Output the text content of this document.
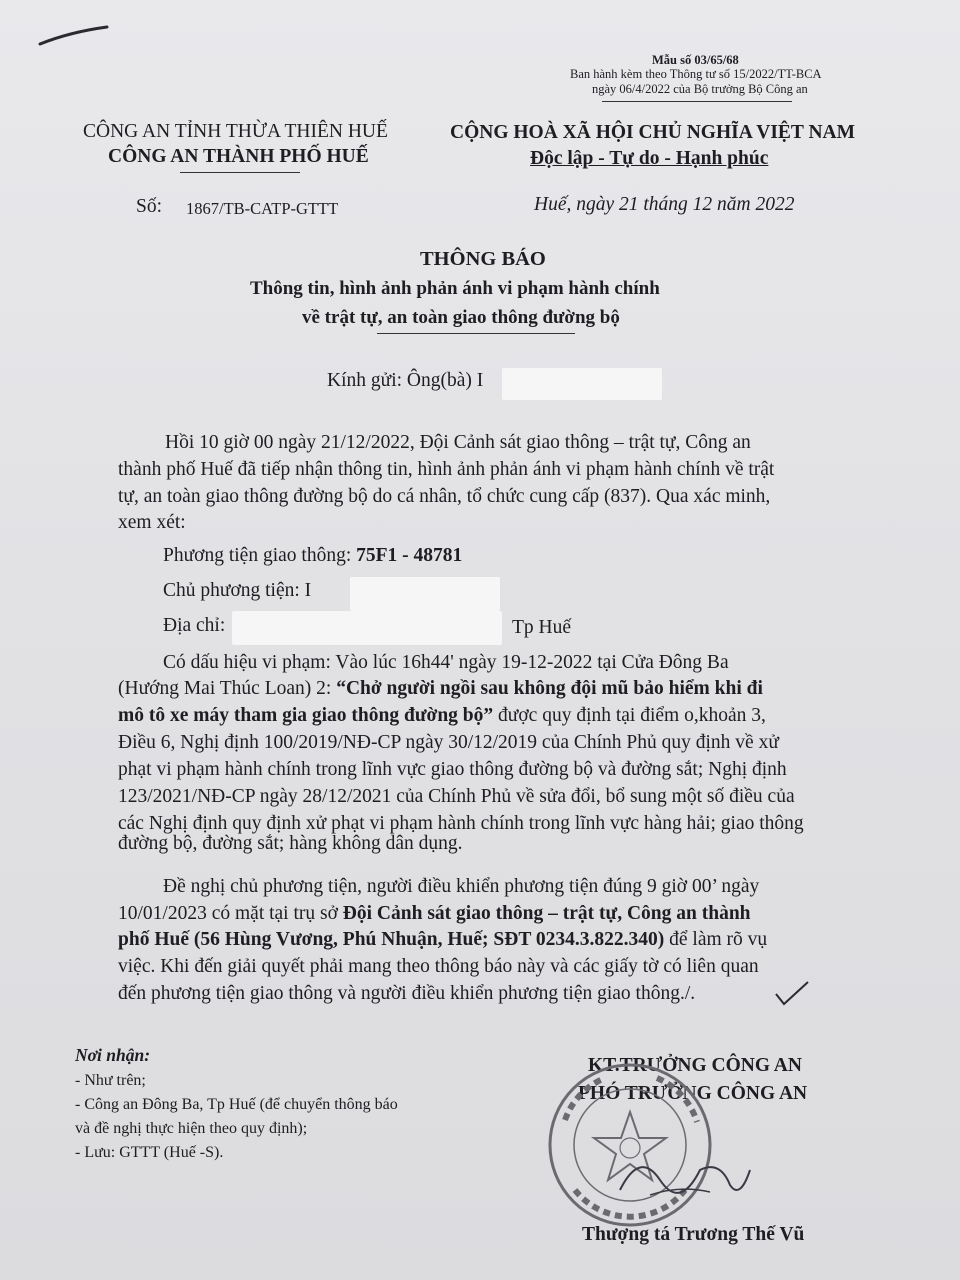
Mẫu số 03/65/68
Ban hành kèm theo Thông tư số 15/2022/TT-BCA
ngày 06/4/2022 của Bộ trưởng Bộ Công an
CÔNG AN TỈNH THỪA THIÊN HUẾ
CÔNG AN THÀNH PHỐ HUẾ
Số: 1867/TB-CATP-GTTT
CỘNG HOÀ XÃ HỘI CHỦ NGHĨA VIỆT NAM
Độc lập - Tự do - Hạnh phúc
Huế, ngày 21 tháng 12 năm 2022
THÔNG BÁO
Thông tin, hình ảnh phản ánh vi phạm hành chính
về trật tự, an toàn giao thông đường bộ
Kính gửi: Ông(bà) I
Hồi 10 giờ 00 ngày 21/12/2022, Đội Cảnh sát giao thông – trật tự, Công an
thành phố Huế đã tiếp nhận thông tin, hình ảnh phản ánh vi phạm hành chính về trật
tự, an toàn giao thông đường bộ do cá nhân, tổ chức cung cấp (837). Qua xác minh,
xem xét:
Phương tiện giao thông: 75F1 - 48781
Chủ phương tiện: I
Địa chỉ:	Tp Huế
Có dấu hiệu vi phạm: Vào lúc 16h44' ngày 19-12-2022 tại Cửa Đông Ba
(Hướng Mai Thúc Loan) 2: “Chở người ngồi sau không đội mũ bảo hiểm khi đi
mô tô xe máy tham gia giao thông đường bộ” được quy định tại điểm o,khoản 3,
Điều 6, Nghị định 100/2019/NĐ-CP ngày 30/12/2019 của Chính Phủ quy định về xử
phạt vi phạm hành chính trong lĩnh vực giao thông đường bộ và đường sắt; Nghị định
123/2021/NĐ-CP ngày 28/12/2021 của Chính Phủ về sửa đổi, bổ sung một số điều của
các Nghị định quy định xử phạt vi phạm hành chính trong lĩnh vực hàng hải; giao thông
đường bộ, đường sắt; hàng không dân dụng.
Đề nghị chủ phương tiện, người điều khiển phương tiện đúng 9 giờ 00’ ngày
10/01/2023 có mặt tại trụ sở Đội Cảnh sát giao thông – trật tự, Công an thành
phố Huế (56 Hùng Vương, Phú Nhuận, Huế; SĐT 0234.3.822.340) để làm rõ vụ
việc. Khi đến giải quyết phải mang theo thông báo này và các giấy tờ có liên quan
đến phương tiện giao thông và người điều khiển phương tiện giao thông./.
Nơi nhận:
- Như trên;
- Công an Đông Ba, Tp Huế (để chuyển thông báo
và đề nghị thực hiện theo quy định);
- Lưu: GTTT (Huế -S).
KT.TRƯỞNG CÔNG AN
PHÓ TRƯỞNG CÔNG AN
Thượng tá Trương Thế Vũ
